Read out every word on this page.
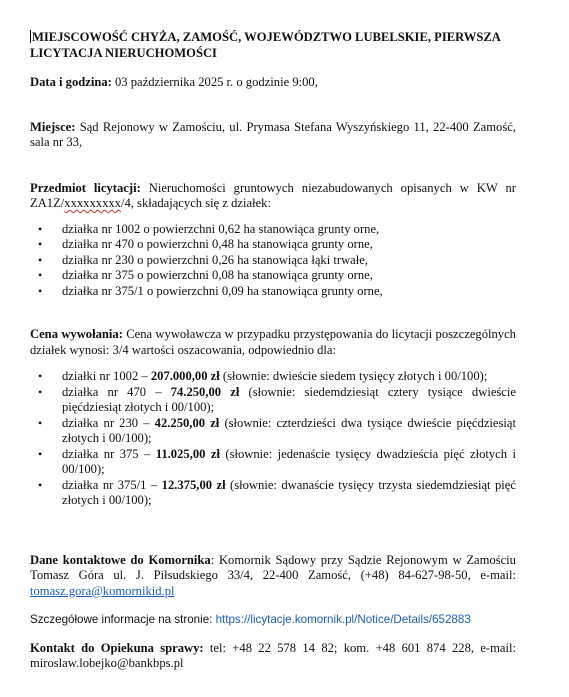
MIEJSCOWOŚĆ CHYŻA, ZAMOŚĆ, WOJEWÓDZTWO LUBELSKIE, PIERWSZA LICYTACJA NIERUCHOMOŚCI

Data i godzina: 03 października 2025 r. o godzinie 9:00,

Miejsce: Sąd Rejonowy w Zamościu, ul. Prymasa Stefana Wyszyńskiego 11, 22-400 Zamość, sala nr 33,

Przedmiot licytacji: Nieruchomości gruntowych niezabudowanych opisanych w KW nr ZA1Z/xxxxxxxxx/4, składających się z działek:

• działka nr 1002 o powierzchni 0,62 ha stanowiąca grunty orne,
• działka nr 470 o powierzchni 0,48 ha stanowiąca grunty orne,
• działka nr 230 o powierzchni 0,26 ha stanowiąca łąki trwałe,
• działka nr 375 o powierzchni 0,08 ha stanowiąca grunty orne,
• działka nr 375/1 o powierzchni 0,09 ha stanowiąca grunty orne,

Cena wywołania: Cena wywoławcza w przypadku przystępowania do licytacji poszczególnych działek wynosi: 3/4 wartości oszacowania, odpowiednio dla:

• działki nr 1002 – 207.000,00 zł (słownie: dwieście siedem tysięcy złotych i 00/100);
• działka nr 470 – 74.250,00 zł (słownie: siedemdziesiąt cztery tysiące dwieście pięćdziesiąt złotych i 00/100);
• działka nr 230 – 42.250,00 zł (słownie: czterdzieści dwa tysiące dwieście pięćdziesiąt złotych i 00/100);
• działka nr 375 – 11.025,00 zł (słownie: jedenaście tysięcy dwadzieścia pięć złotych i 00/100);
• działka nr 375/1 – 12.375,00 zł (słownie: dwanaście tysięcy trzysta siedemdziesiąt pięć złotych i 00/100);

Dane kontaktowe do Komornika: Komornik Sądowy przy Sądzie Rejonowym w Zamościu Tomasz Góra ul. J. Piłsudskiego 33/4, 22-400 Zamość, (+48) 84-627-98-50, e-mail: tomasz.gora@komornikid.pl

Szczegółowe informacje na stronie: https://licytacje.komornik.pl/Notice/Details/652883

Kontakt do Opiekuna sprawy: tel: +48 22 578 14 82; kom. +48 601 874 228, e-mail: miroslaw.lobejko@bankbps.pl
